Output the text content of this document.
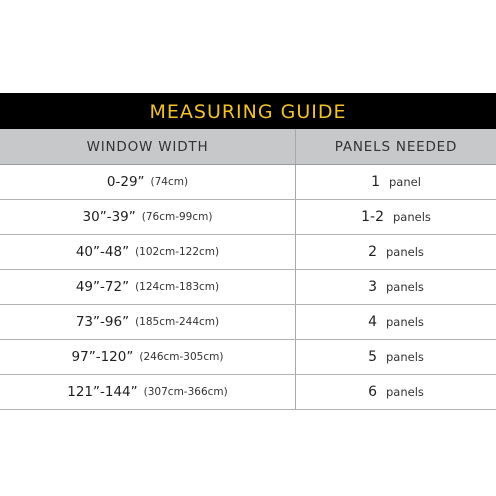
MEASURING GUIDE
WINDOW WIDTH	PANELS NEEDED
0-29” (74cm)	1 panel
30”-39” (76cm-99cm)	1-2 panels
40”-48” (102cm-122cm)	2 panels
49”-72” (124cm-183cm)	3 panels
73”-96” (185cm-244cm)	4 panels
97”-120” (246cm-305cm)	5 panels
121”-144” (307cm-366cm)	6 panels
